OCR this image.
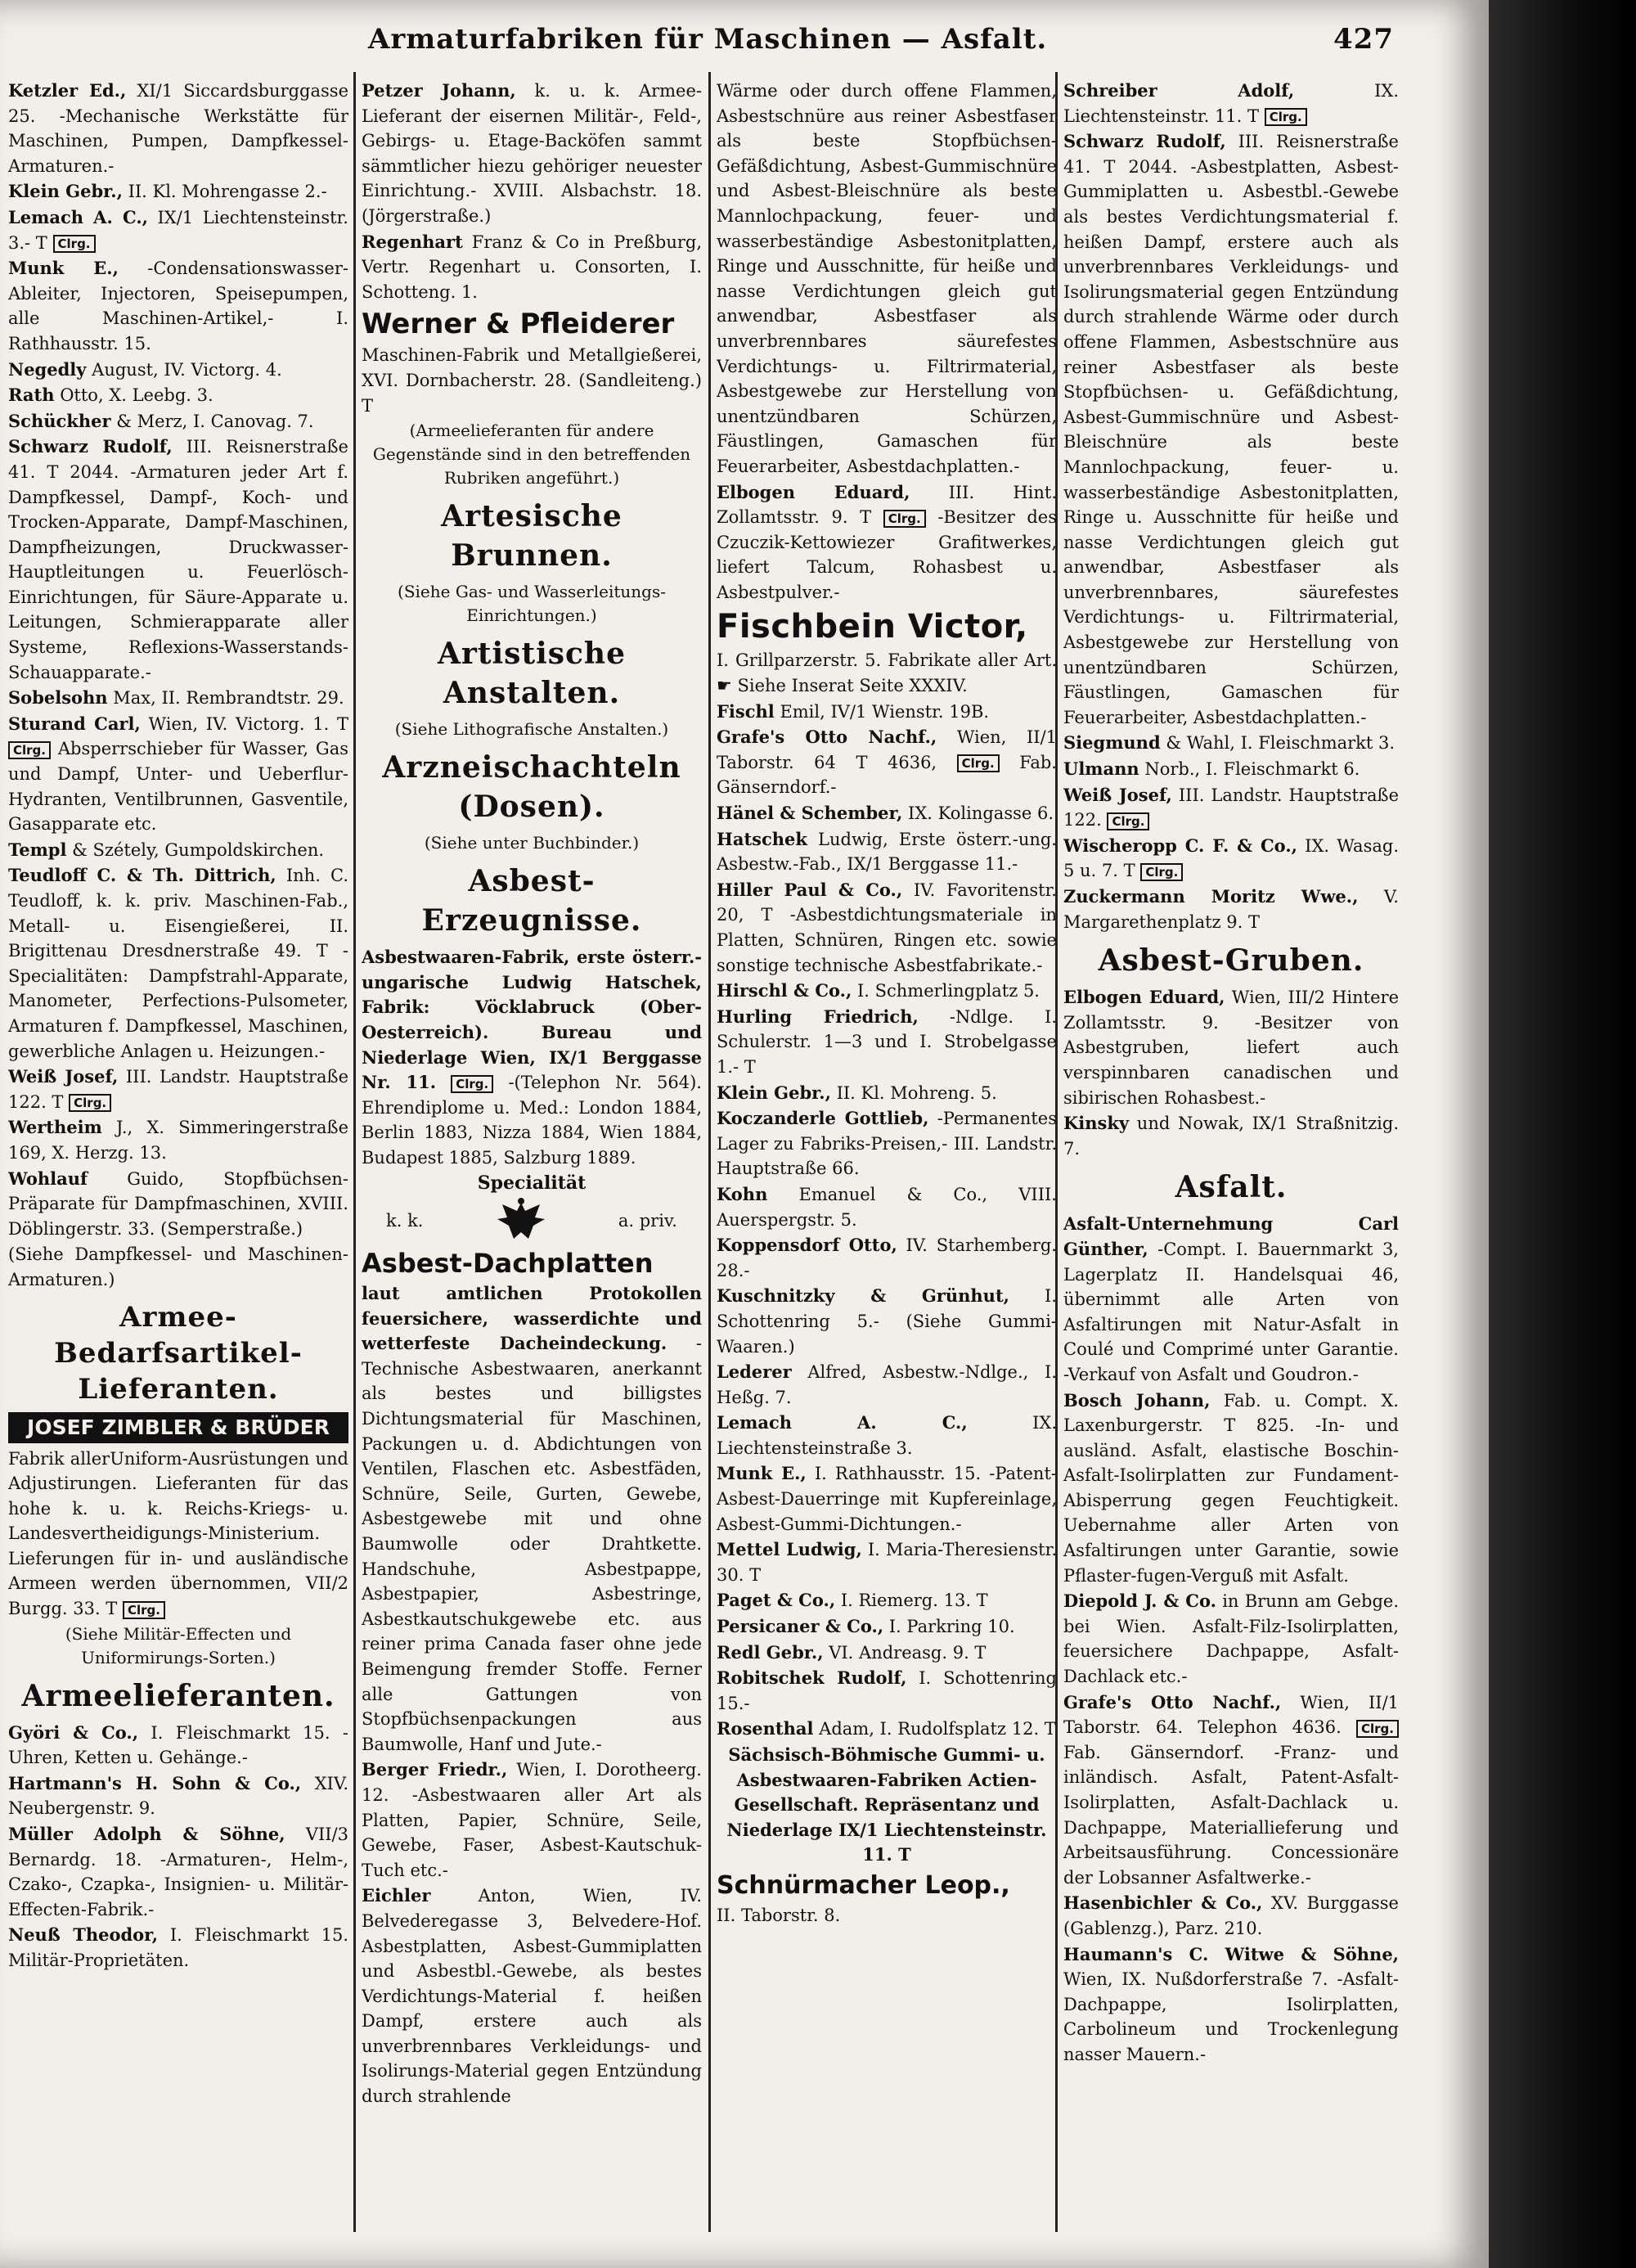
Armaturfabriken für Maschinen — Asfalt.	427

Ketzler Ed., XI/1 Siccardsburggasse 25. -Mechanische Werkstätte für Maschinen, Pumpen, Dampfkessel-Armaturen.-

Klein Gebr., II. Kl. Mohrengasse 2.-

Lemach A. C., IX/1 Liechtensteinstr. 3.- T Clrg.

Munk E., -Condensationswasser-Ableiter, Injectoren, Speisepumpen, alle Maschinen-Artikel,- I. Rathhausstr. 15.

Negedly August, IV. Victorg. 4.

Rath Otto, X. Leebg. 3.

Schückher & Merz, I. Canovag. 7.

Schwarz Rudolf, III. Reisnerstraße 41. T 2044. -Armaturen jeder Art f. Dampfkessel, Dampf-, Koch- und Trocken-Apparate, Dampf-Maschinen, Dampfheizungen, Druckwasser-Hauptleitungen u. Feuerlösch-Einrichtungen, für Säure-Apparate u. Leitungen, Schmierapparate aller Systeme, Reflexions-Wasserstands-Schauapparate.-

Sobelsohn Max, II. Rembrandtstr. 29.

Sturand Carl, Wien, IV. Victorg. 1. T Clrg. Absperrschieber für Wasser, Gas und Dampf, Unter- und Ueberflur-Hydranten, Ventilbrunnen, Gasventile, Gasapparate etc.

Templ & Szétely, Gumpoldskirchen.

Teudloff C. & Th. Dittrich, Inh. C. Teudloff, k. k. priv. Maschinen-Fab., Metall- u. Eisengießerei, II. Brigittenau Dresdnerstraße 49. T -Specialitäten: Dampfstrahl-Apparate, Manometer, Perfections-Pulsometer, Armaturen f. Dampfkessel, Maschinen, gewerbliche Anlagen u. Heizungen.-

Weiß Josef, III. Landstr. Hauptstraße 122. T Clrg.

Wertheim J., X. Simmeringerstraße 169, X. Herzg. 13.

Wohlauf Guido, Stopfbüchsen-Präparate für Dampfmaschinen, XVIII. Döblingerstr. 33. (Semperstraße.)

(Siehe Dampfkessel- und Maschinen-Armaturen.)

Armee-Bedarfsartikel-Lieferanten.
JOSEF ZIMBLER & BRÜDER

Fabrik allerUniform-Ausrüstungen und Adjustirungen. Lieferanten für das hohe k. u. k. Reichs-Kriegs- u. Landesvertheidigungs-Ministerium. Lieferungen für in- und ausländische Armeen werden übernommen, VII/2 Burgg. 33. T Clrg.

(Siehe Militär-Effecten und Uniformirungs-Sorten.)

Armeelieferanten.

Györi & Co., I. Fleischmarkt 15. -Uhren, Ketten u. Gehänge.-

Hartmann's H. Sohn & Co., XIV. Neubergenstr. 9.

Müller Adolph & Söhne, VII/3 Bernardg. 18. -Armaturen-, Helm-, Czako-, Czapka-, Insignien- u. Militär-Effecten-Fabrik.-

Neuß Theodor, I. Fleischmarkt 15. Militär-Proprietäten.

Petzer Johann, k. u. k. Armee-Lieferant der eisernen Militär-, Feld-, Gebirgs- u. Etage-Backöfen sammt sämmtlicher hiezu gehöriger neuester Einrichtung.- XVIII. Alsbachstr. 18. (Jörgerstraße.)

Regenhart Franz & Co in Preßburg, Vertr. Regenhart u. Consorten, I. Schotteng. 1.

Werner & Pfleiderer

Maschinen-Fabrik und Metallgießerei, XVI. Dornbacherstr. 28. (Sandleiteng.) T

(Armeelieferanten für andere Gegenstände sind in den betreffenden Rubriken angeführt.)

Artesische Brunnen.

(Siehe Gas- und Wasserleitungs-Einrichtungen.)

Artistische Anstalten.

(Siehe Lithografische Anstalten.)

Arzneischachteln (Dosen).

(Siehe unter Buchbinder.)

Asbest-Erzeugnisse.

Asbestwaaren-Fabrik, erste österr.-ungarische Ludwig Hatschek, Fabrik: Vöcklabruck (Ober-Oesterreich). Bureau und Niederlage Wien, IX/1 Berggasse Nr. 11. Clrg. -(Telephon Nr. 564). Ehrendiplome u. Med.: London 1884, Berlin 1883, Nizza 1884, Wien 1884, Budapest 1885, Salzburg 1889.

Specialität
k. k.	a. priv.
Asbest-Dachplatten

laut amtlichen Protokollen feuersichere, wasserdichte und wetterfeste Dacheindeckung. -Technische Asbestwaaren, anerkannt als bestes und billigstes Dichtungsmaterial für Maschinen, Packungen u. d. Abdichtungen von Ventilen, Flaschen etc. Asbestfäden, Schnüre, Seile, Gurten, Gewebe, Asbestgewebe mit und ohne Baumwolle oder Drahtkette. Handschuhe, Asbestpappe, Asbestpapier, Asbestringe, Asbestkautschukgewebe etc. aus reiner prima Canada faser ohne jede Beimengung fremder Stoffe. Ferner alle Gattungen von Stopfbüchsenpackungen aus Baumwolle, Hanf und Jute.-

Berger Friedr., Wien, I. Dorotheerg. 12. -Asbestwaaren aller Art als Platten, Papier, Schnüre, Seile, Gewebe, Faser, Asbest-Kautschuk-Tuch etc.-

Eichler	Anton, Wien, IV. Belvederegasse 3, Belvedere-Hof. Asbestplatten, Asbest-Gummiplatten und Asbestbl.-Gewebe, als bestes Verdichtungs-Material f. heißen Dampf, erstere auch als unverbrennbares Verkleidungs- und Isolirungs-Material gegen Entzündung durch strahlende

Wärme oder durch offene Flammen, Asbestschnüre aus reiner Asbestfaser als beste Stopfbüchsen-Gefäßdichtung, Asbest-Gummischnüre und Asbest-Bleischnüre als beste Mannlochpackung, feuer- und wasserbeständige Asbestonitplatten, Ringe und Ausschnitte, für heiße und nasse Verdichtungen gleich gut anwendbar, Asbestfaser als unverbrennbares säurefestes Verdichtungs- u. Filtrirmaterial, Asbestgewebe zur Herstellung von unentzündbaren Schürzen, Fäustlingen, Gamaschen für Feuerarbeiter, Asbestdachplatten.-

Elbogen Eduard, III. Hint. Zollamtsstr. 9. T Clrg. -Besitzer des Czuczik-Kettowiezer Grafitwerkes, liefert Talcum, Rohasbest u. Asbestpulver.-

Fischbein Victor,

I. Grillparzerstr. 5. Fabrikate aller Art. ☛ Siehe Inserat Seite XXXIV.

Fischl Emil, IV/1 Wienstr. 19B.

Grafe's Otto Nachf., Wien, II/1 Taborstr. 64 T 4636, Clrg. Fab. Gänserndorf.-

Hänel & Schember, IX. Kolingasse 6.

Hatschek Ludwig, Erste österr.-ung. Asbestw.-Fab., IX/1 Berggasse 11.-

Hiller Paul & Co., IV. Favoritenstr. 20, T -Asbestdichtungsmateriale in Platten, Schnüren, Ringen etc. sowie sonstige technische Asbestfabrikate.-

Hirschl & Co., I. Schmerlingplatz 5.

Hurling Friedrich, -Ndlge. I. Schulerstr. 1—3 und I. Strobelgasse 1.- T

Klein Gebr., II. Kl. Mohreng. 5.

Koczanderle Gottlieb, -Permanentes Lager zu Fabriks-Preisen,- III. Landstr. Hauptstraße 66.

Kohn Emanuel & Co., VIII. Auerspergstr. 5.

Koppensdorf Otto, IV. Starhemberg. 28.-

Kuschnitzky & Grünhut, I. Schottenring 5.- (Siehe Gummi-Waaren.)

Lederer Alfred, Asbestw.-Ndlge., I. Heßg. 7.

Lemach A. C.,	IX. Liechtensteinstraße 3.

Munk E., I. Rathhausstr. 15. -Patent-Asbest-Dauerringe mit Kupfereinlage, Asbest-Gummi-Dichtungen.-

Mettel Ludwig, I. Maria-Theresienstr. 30. T

Paget & Co., I. Riemerg. 13. T

Persicaner & Co., I. Parkring 10.

Redl Gebr., VI. Andreasg. 9. T

Robitschek Rudolf, I. Schottenring 15.-

Rosenthal Adam, I. Rudolfsplatz 12. T

Sächsisch-Böhmische Gummi- u. Asbestwaaren-Fabriken Actien-Gesellschaft. Repräsentanz und Niederlage IX/1 Liechtensteinstr. 11. T

Schnürmacher Leop.,

II. Taborstr. 8.

Schreiber Adolf,	IX. Liechtensteinstr. 11. T Clrg.

Schwarz Rudolf, III. Reisnerstraße 41. T 2044. -Asbestplatten, Asbest-Gummiplatten u. Asbestbl.-Gewebe als bestes Verdichtungsmaterial f. heißen Dampf, erstere auch als unverbrennbares Verkleidungs- und Isolirungsmaterial gegen Entzündung durch strahlende Wärme oder durch offene Flammen, Asbestschnüre aus reiner Asbestfaser als beste Stopfbüchsen- u. Gefäßdichtung, Asbest-Gummischnüre und Asbest-Bleischnüre als beste Mannlochpackung, feuer- u. wasserbeständige Asbestonitplatten, Ringe u. Ausschnitte für heiße und nasse Verdichtungen gleich gut anwendbar, Asbestfaser als unverbrennbares, säurefestes Verdichtungs- u. Filtrirmaterial, Asbestgewebe zur Herstellung von unentzündbaren Schürzen, Fäustlingen, Gamaschen für Feuerarbeiter, Asbestdachplatten.-

Siegmund & Wahl, I. Fleischmarkt 3.

Ulmann Norb., I. Fleischmarkt 6.

Weiß Josef, III. Landstr. Hauptstraße 122. Clrg.

Wischeropp C. F. & Co., IX. Wasag. 5 u. 7. T Clrg.

Zuckermann Moritz Wwe., V. Margarethenplatz 9. T

Asbest-Gruben.

Elbogen Eduard, Wien, III/2 Hintere Zollamtsstr. 9. -Besitzer von Asbestgruben, liefert auch verspinnbaren canadischen und sibirischen Rohasbest.-

Kinsky und Nowak, IX/1 Straßnitzig. 7.

Asfalt.

Asfalt-Unternehmung Carl Günther, -Compt. I. Bauernmarkt 3, Lagerplatz II. Handelsquai 46, übernimmt alle Arten von Asfaltirungen mit Natur-Asfalt in Coulé und Comprimé unter Garantie. -Verkauf von Asfalt und Goudron.-

Bosch Johann, Fab. u. Compt. X. Laxenburgerstr. T 825. -In- und ausländ. Asfalt, elastische Boschin-Asfalt-Isolirplatten zur Fundament-Abisperrung gegen Feuchtigkeit. Uebernahme aller Arten von Asfaltirungen unter Garantie, sowie Pflaster-fugen-Verguß mit Asfalt.

Diepold J. & Co. in Brunn am Gebge. bei Wien. Asfalt-Filz-Isolirplatten, feuersichere Dachpappe, Asfalt-Dachlack etc.-

Grafe's Otto Nachf., Wien, II/1 Taborstr. 64. Telephon 4636. Clrg. Fab. Gänserndorf. -Franz- und inländisch. Asfalt, Patent-Asfalt-Isolirplatten, Asfalt-Dachlack u. Dachpappe, Materiallieferung und Arbeitsausführung. Concessionäre der Lobsanner Asfaltwerke.-

Hasenbichler & Co., XV. Burggasse (Gablenzg.), Parz. 210.

Haumann's C. Witwe & Söhne, Wien, IX. Nußdorferstraße 7. -Asfalt-Dachpappe, Isolirplatten, Carbolineum und Trockenlegung nasser Mauern.-
